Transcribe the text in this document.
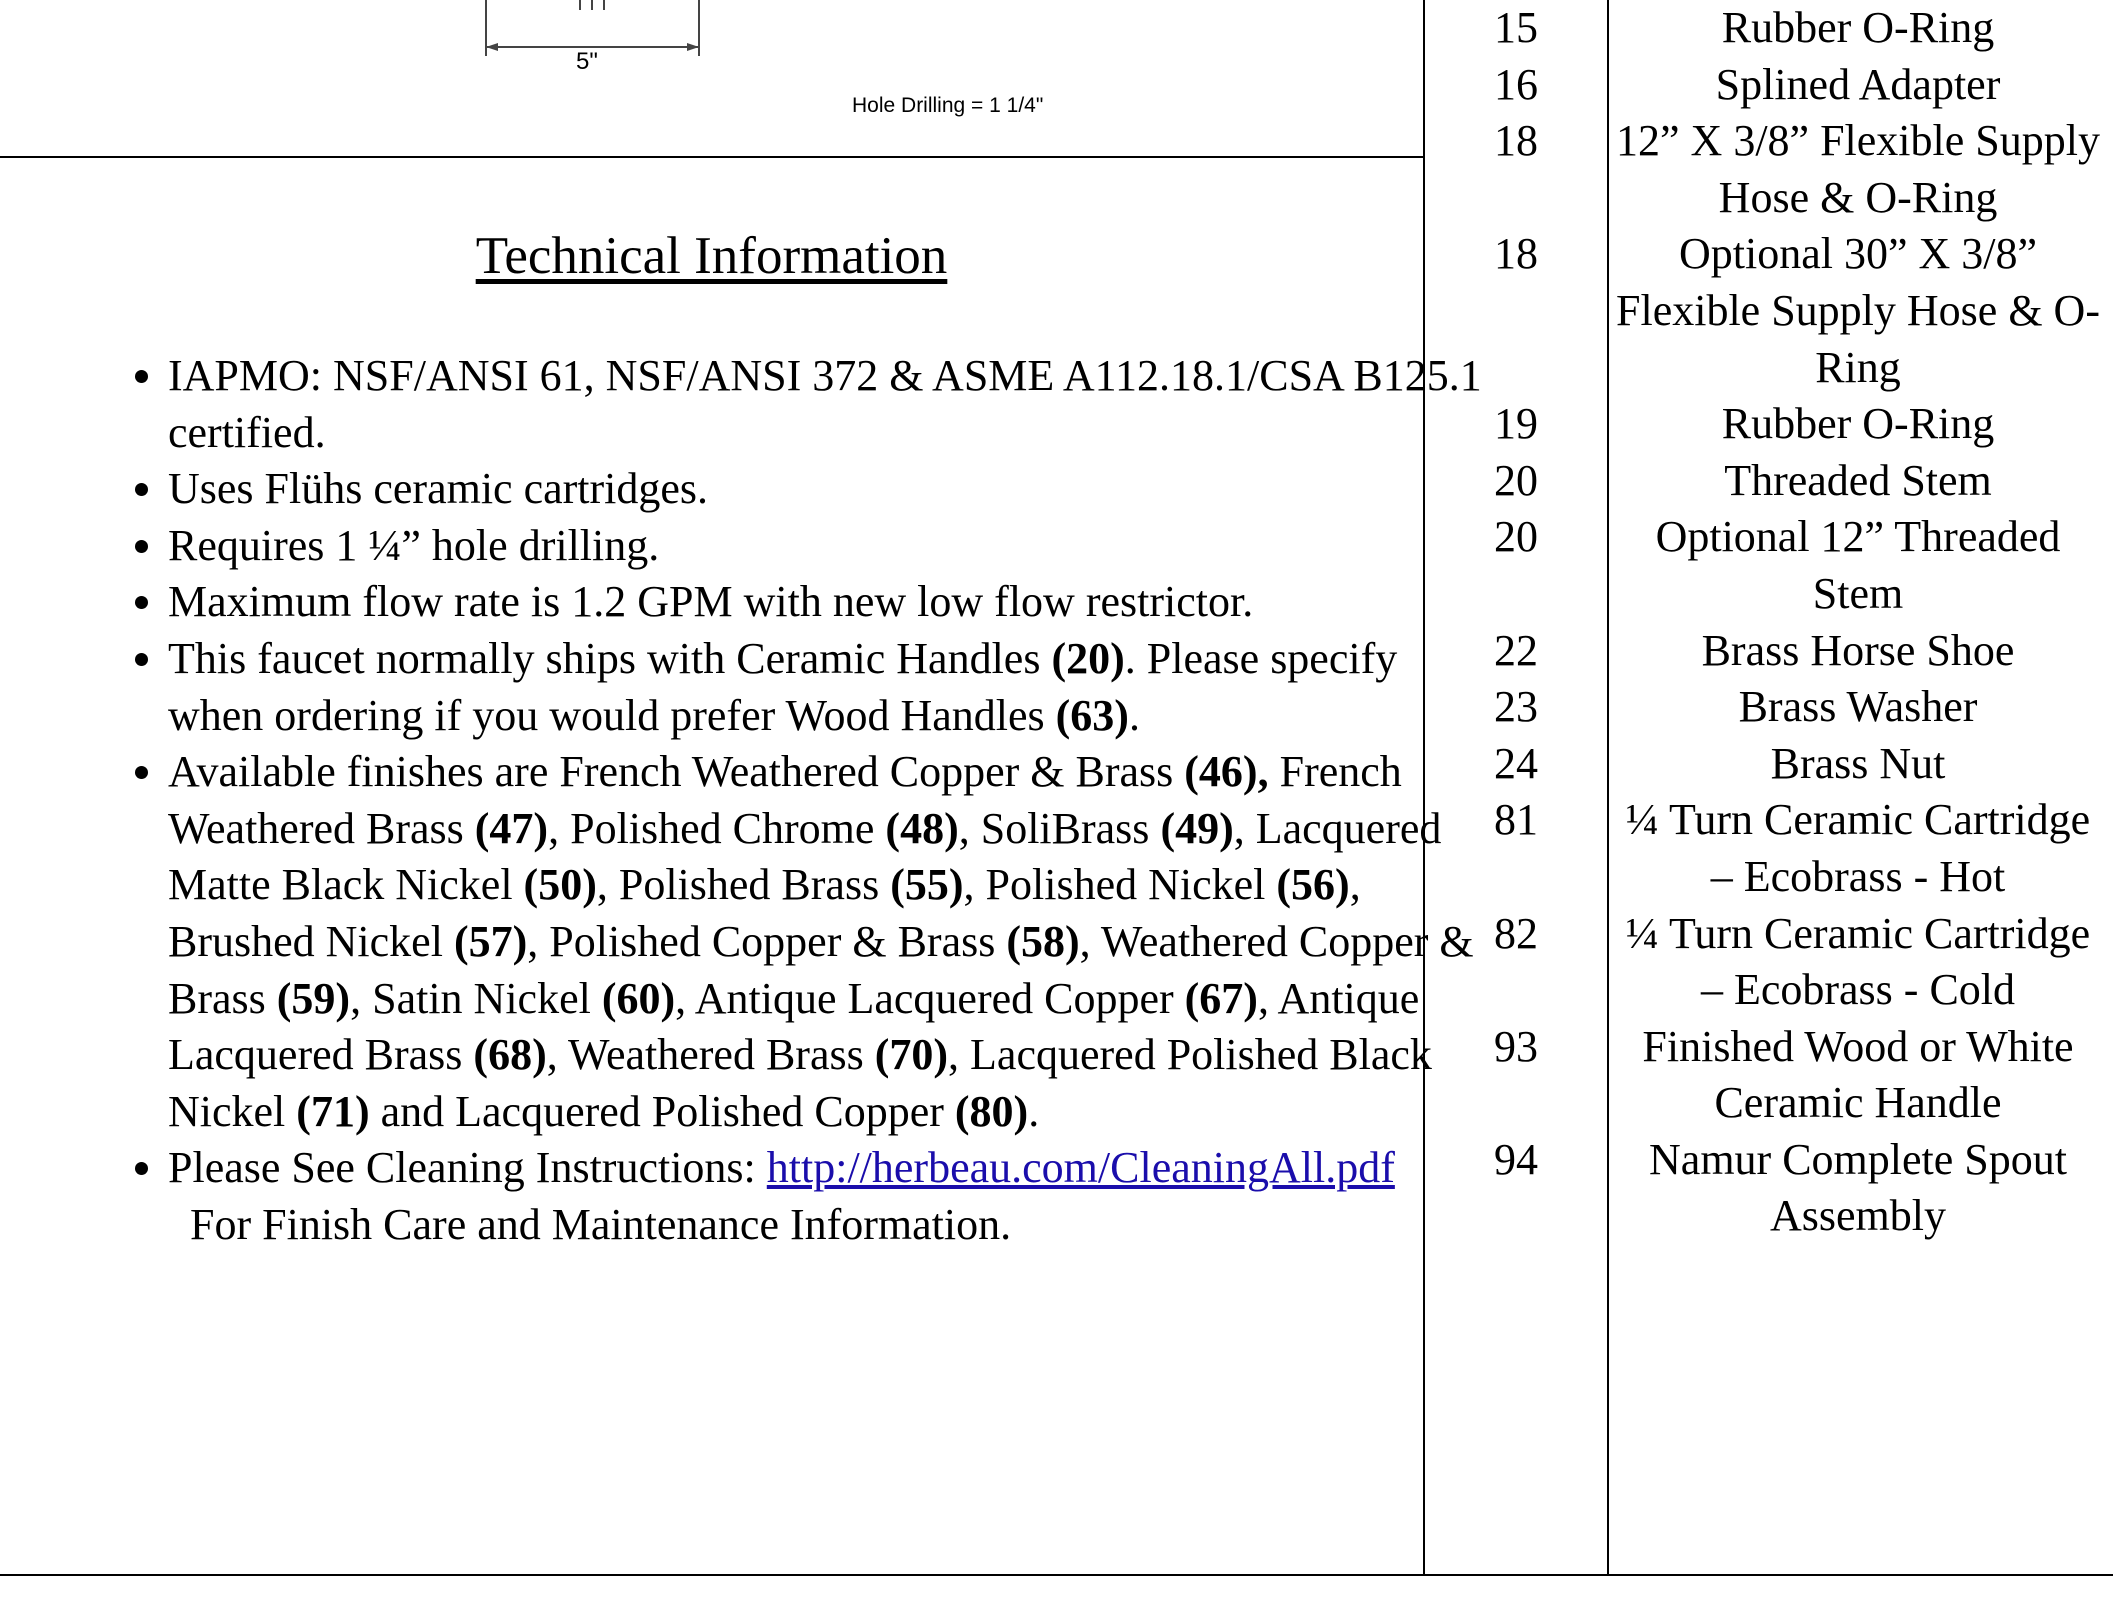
5"
Hole Drilling = 1 1/4"
Technical Information
• IAPMO: NSF/ANSI 61, NSF/ANSI 372 & ASME A112.18.1/CSA B125.1 certified.
• Uses Flühs ceramic cartridges.
• Requires 1 ¼” hole drilling.
• Maximum flow rate is 1.2 GPM with new low flow restrictor.
• This faucet normally ships with Ceramic Handles (20). Please specify when ordering if you would prefer Wood Handles (63).
• Available finishes are French Weathered Copper & Brass (46), French Weathered Brass (47), Polished Chrome (48), SoliBrass (49), Lacquered Matte Black Nickel (50), Polished Brass (55), Polished Nickel (56), Brushed Nickel (57), Polished Copper & Brass (58), Weathered Copper & Brass (59), Satin Nickel (60), Antique Lacquered Copper (67), Antique Lacquered Brass (68), Weathered Brass (70), Lacquered Polished Black Nickel (71) and Lacquered Polished Copper (80).
• Please See Cleaning Instructions: http://herbeau.com/CleaningAll.pdf  For Finish Care and Maintenance Information.
15	Rubber O-Ring
16	Splined Adapter
18	12” X 3/8” Flexible Supply Hose & O-Ring
18	Optional 30” X 3/8” Flexible Supply Hose & O-Ring
19	Rubber O-Ring
20	Threaded Stem
20	Optional 12” Threaded Stem
22	Brass Horse Shoe
23	Brass Washer
24	Brass Nut
81	¼ Turn Ceramic Cartridge – Ecobrass - Hot
82	¼ Turn Ceramic Cartridge – Ecobrass - Cold
93	Finished Wood or White Ceramic Handle
94	Namur Complete Spout Assembly
